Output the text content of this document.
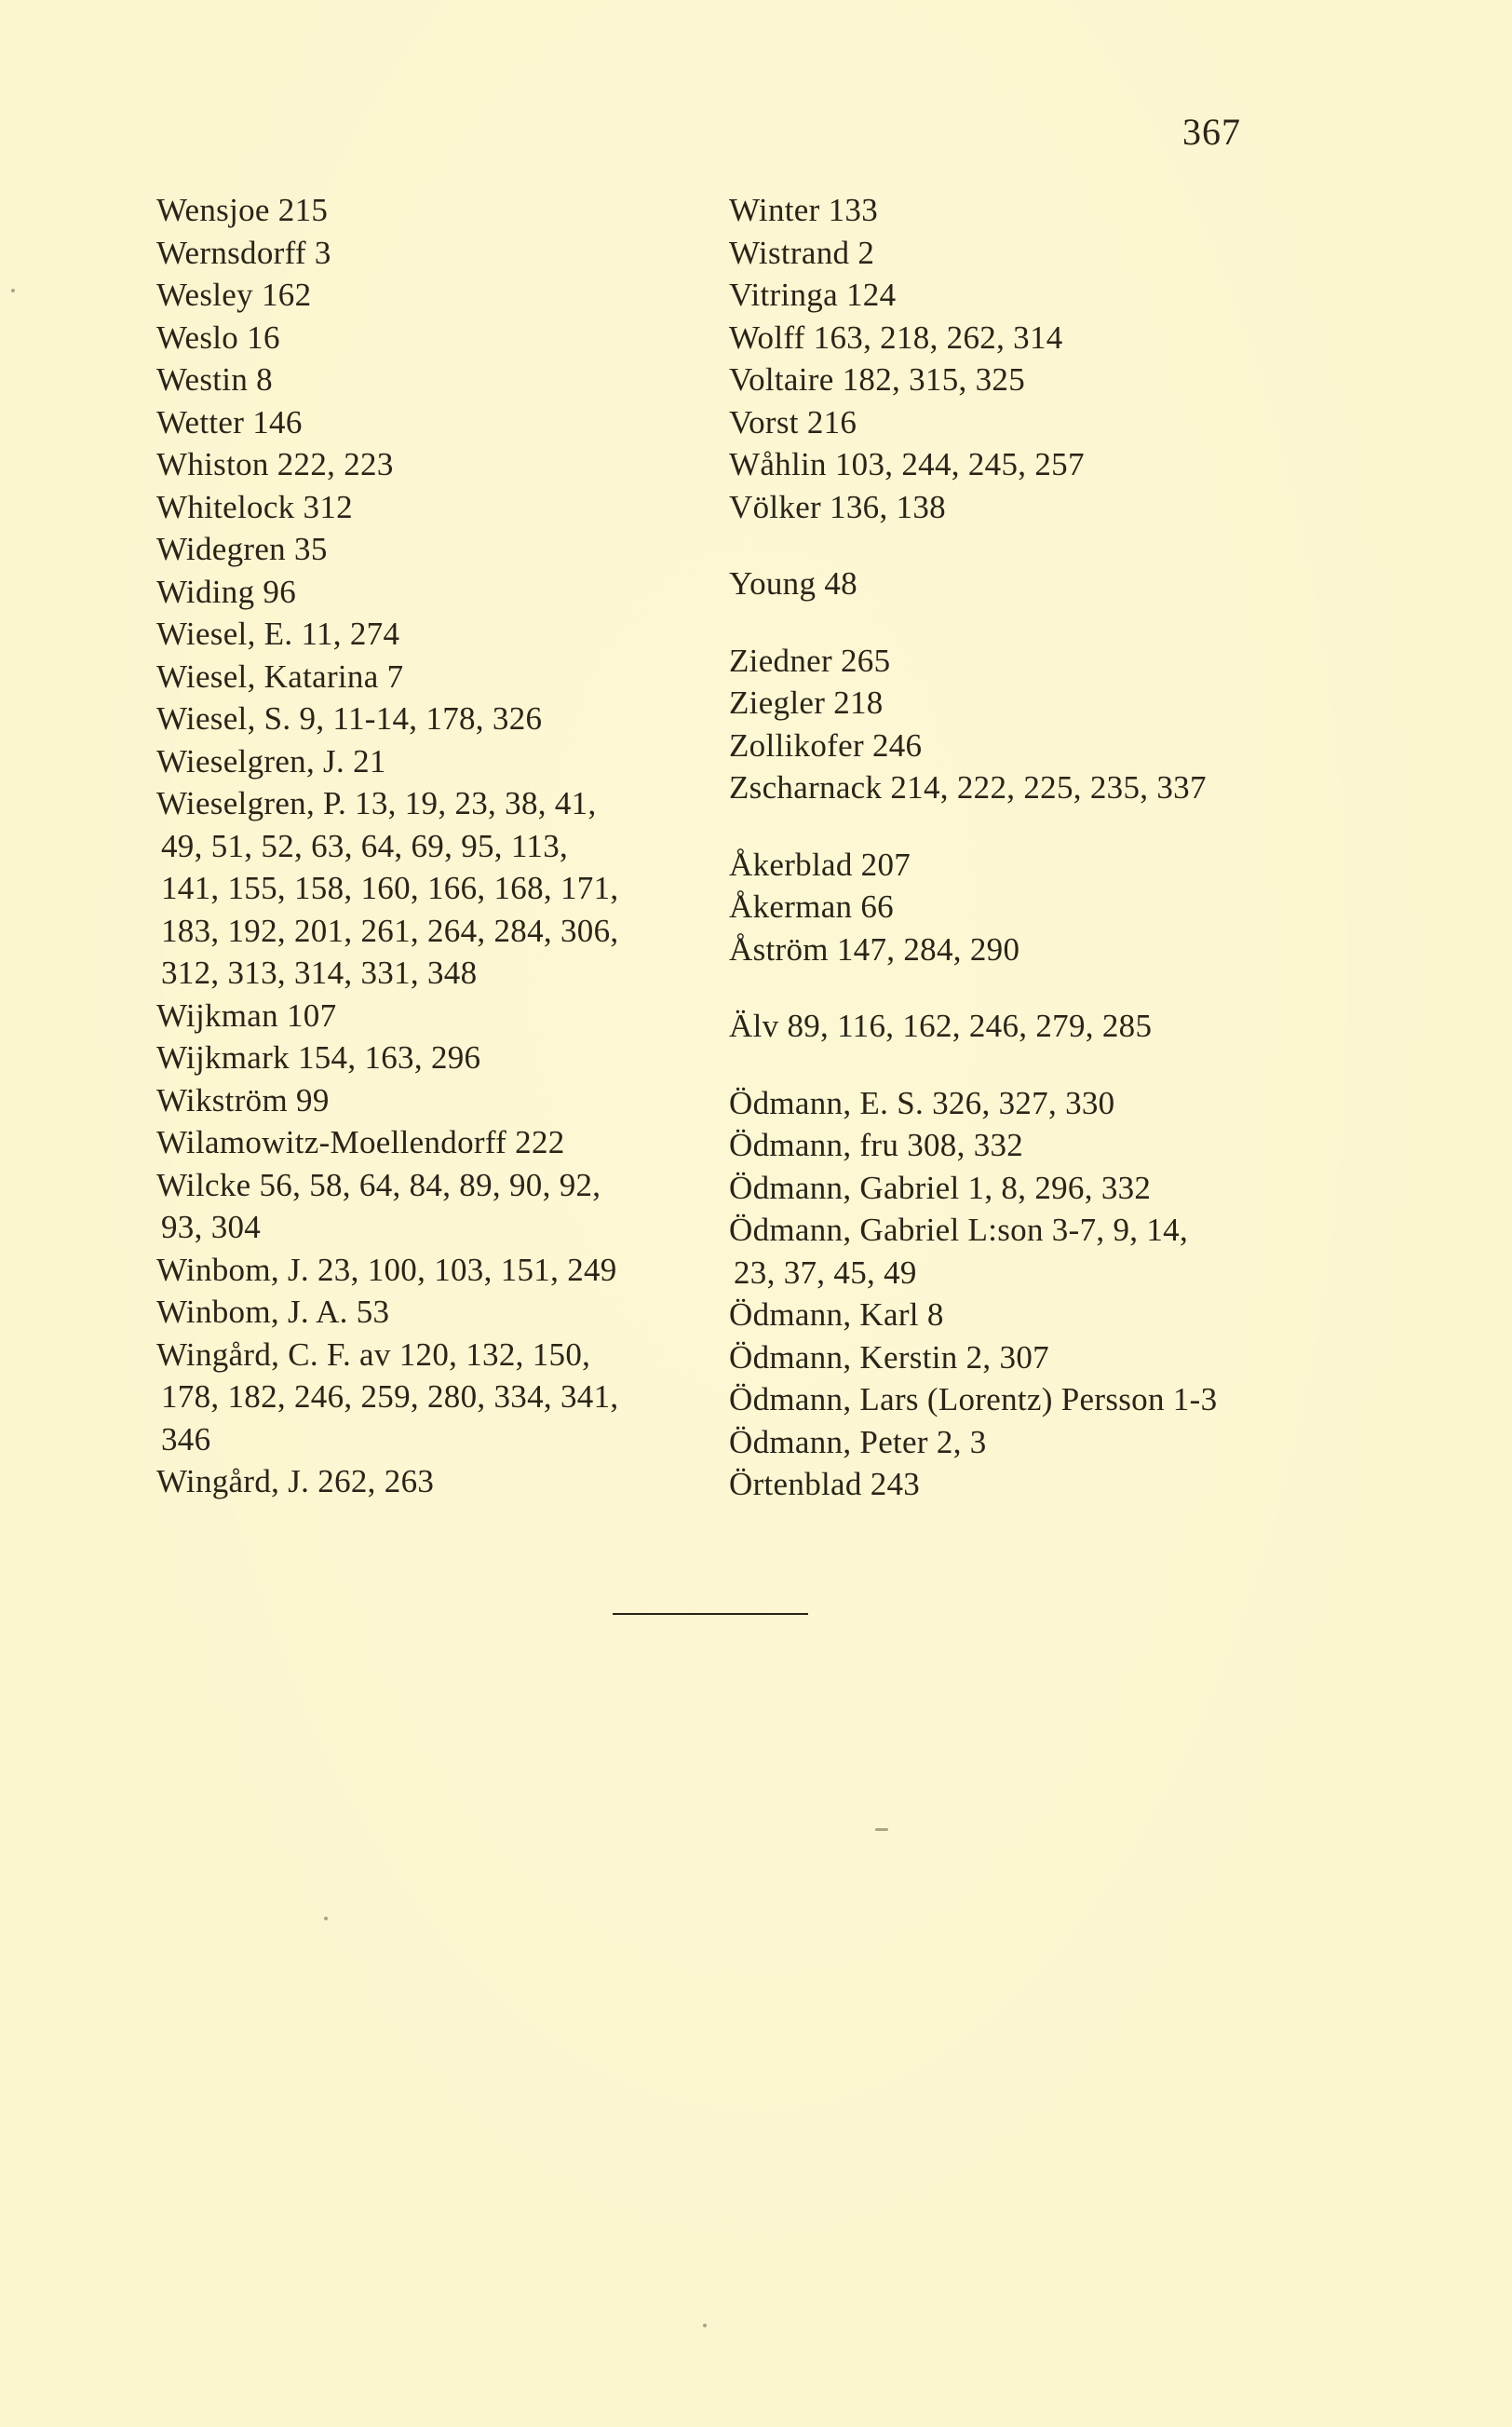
367
Wensjoe 215
Wernsdorff 3
Wesley 162
Weslo 16
Westin 8
Wetter 146
Whiston 222, 223
Whitelock 312
Widegren 35
Widing 96
Wiesel, E. 11, 274
Wiesel, Katarina 7
Wiesel, S. 9, 11-14, 178, 326
Wieselgren, J. 21
Wieselgren, P. 13, 19, 23, 38, 41,
49, 51, 52, 63, 64, 69, 95, 113,
141, 155, 158, 160, 166, 168, 171,
183, 192, 201, 261, 264, 284, 306,
312, 313, 314, 331, 348
Wijkman 107
Wijkmark 154, 163, 296
Wikström 99
Wilamowitz-Moellendorff 222
Wilcke 56, 58, 64, 84, 89, 90, 92,
93, 304
Winbom, J. 23, 100, 103, 151, 249
Winbom, J. A. 53
Wingård, C. F. av 120, 132, 150,
178, 182, 246, 259, 280, 334, 341,
346
Wingård, J. 262, 263
Winter 133
Wistrand 2
Vitringa 124
Wolff 163, 218, 262, 314
Voltaire 182, 315, 325
Vorst 216
Wåhlin 103, 244, 245, 257
Völker 136, 138
Young 48
Ziedner 265
Ziegler 218
Zollikofer 246
Zscharnack 214, 222, 225, 235, 337
Åkerblad 207
Åkerman 66
Åström 147, 284, 290
Älv 89, 116, 162, 246, 279, 285
Ödmann, E. S. 326, 327, 330
Ödmann, fru 308, 332
Ödmann, Gabriel 1, 8, 296, 332
Ödmann, Gabriel L:son 3-7, 9, 14,
23, 37, 45, 49
Ödmann, Karl 8
Ödmann, Kerstin 2, 307
Ödmann, Lars (Lorentz) Persson 1-3
Ödmann, Peter 2, 3
Örtenblad 243
